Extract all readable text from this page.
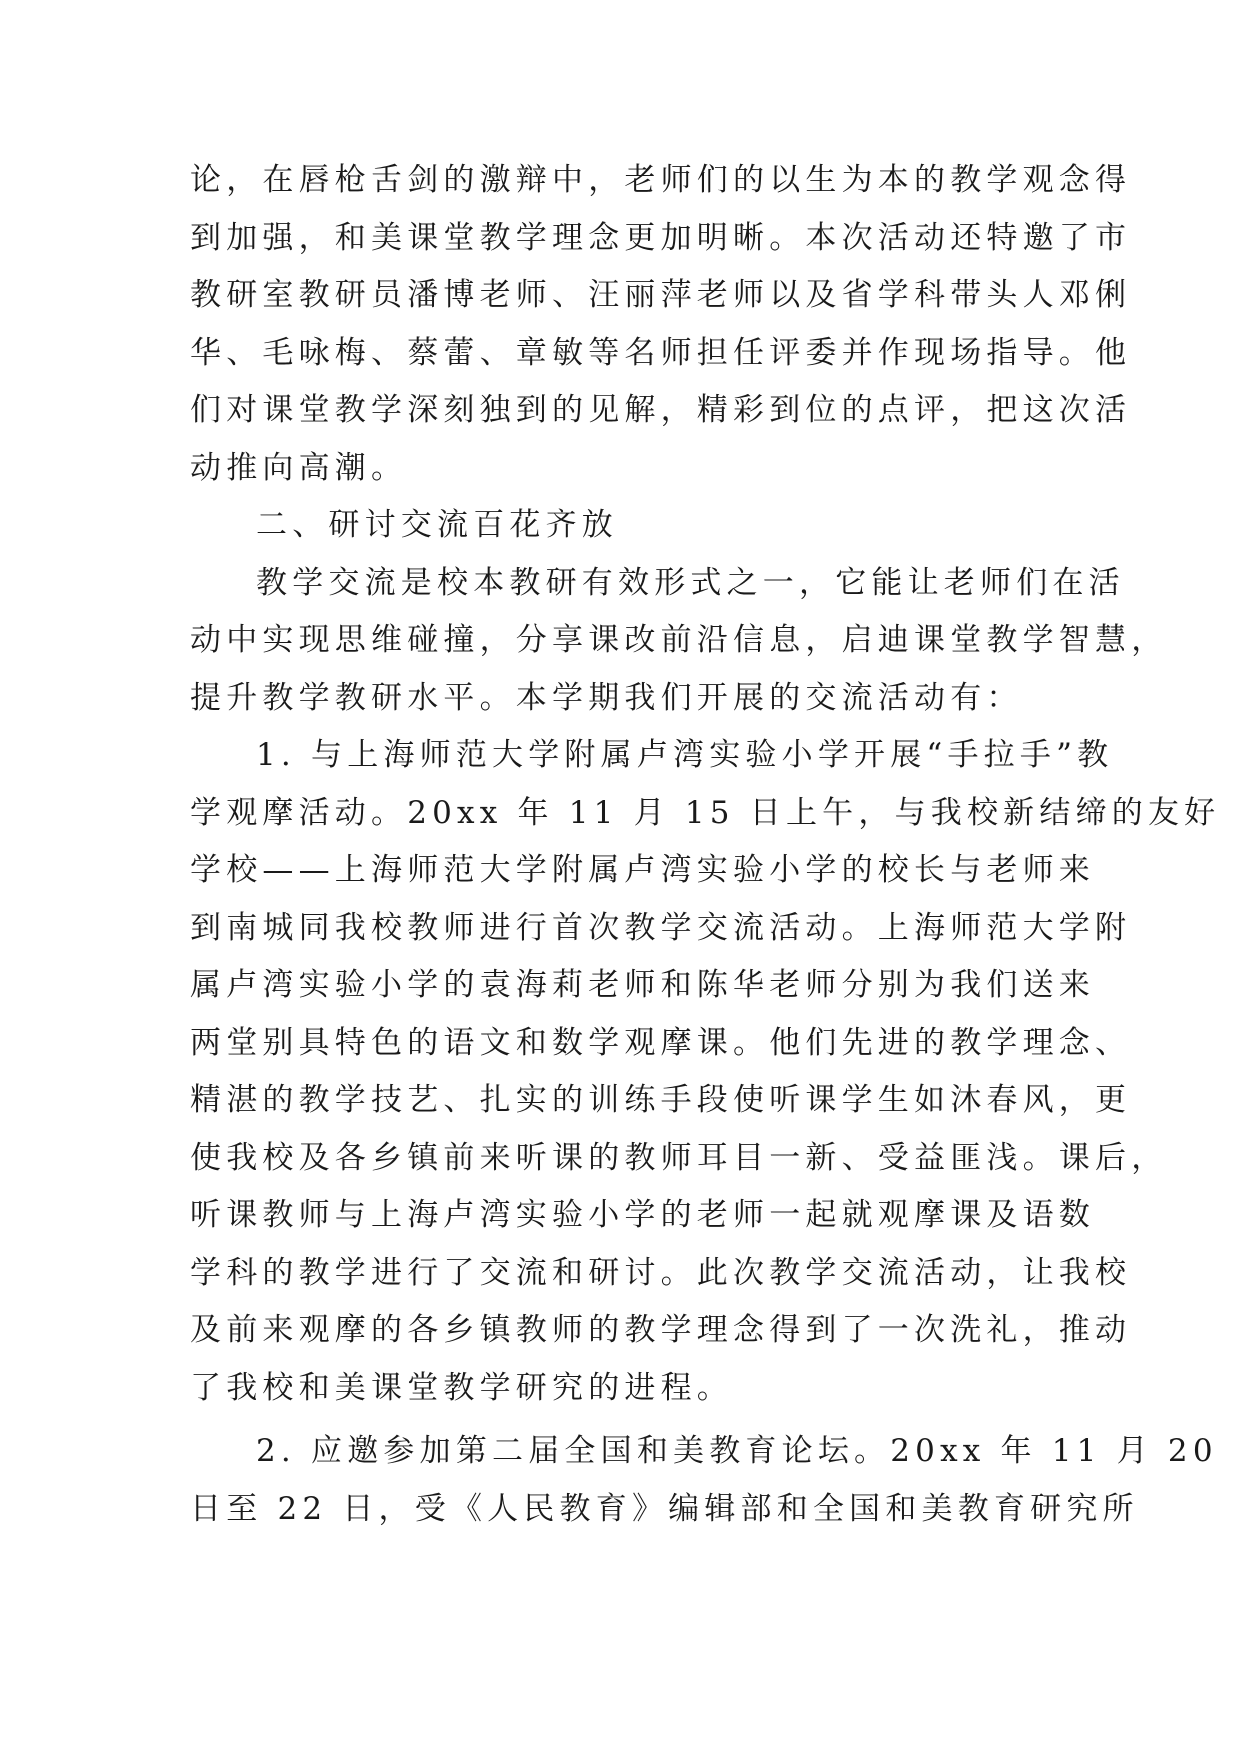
论，在唇枪舌剑的激辩中，老师们的以生为本的教学观念得
到加强，和美课堂教学理念更加明晰。本次活动还特邀了市
教研室教研员潘博老师、汪丽萍老师以及省学科带头人邓俐
华、毛咏梅、蔡蕾、章敏等名师担任评委并作现场指导。他
们对课堂教学深刻独到的见解，精彩到位的点评，把这次活
动推向高潮。
二、研讨交流百花齐放
教学交流是校本教研有效形式之一，它能让老师们在活
动中实现思维碰撞，分享课改前沿信息，启迪课堂教学智慧，
提升教学教研水平。本学期我们开展的交流活动有：
1. 与上海师范大学附属卢湾实验小学开展“手拉手”教
学观摩活动。20xx 年 11 月 15 日上午，与我校新结缔的友好
学校——上海师范大学附属卢湾实验小学的校长与老师来
到南城同我校教师进行首次教学交流活动。上海师范大学附
属卢湾实验小学的袁海莉老师和陈华老师分别为我们送来
两堂别具特色的语文和数学观摩课。他们先进的教学理念、
精湛的教学技艺、扎实的训练手段使听课学生如沐春风，更
使我校及各乡镇前来听课的教师耳目一新、受益匪浅。课后，
听课教师与上海卢湾实验小学的老师一起就观摩课及语数
学科的教学进行了交流和研讨。此次教学交流活动，让我校
及前来观摩的各乡镇教师的教学理念得到了一次洗礼，推动
了我校和美课堂教学研究的进程。
2. 应邀参加第二届全国和美教育论坛。20xx 年 11 月 20
日至 22 日，受《人民教育》编辑部和全国和美教育研究所
